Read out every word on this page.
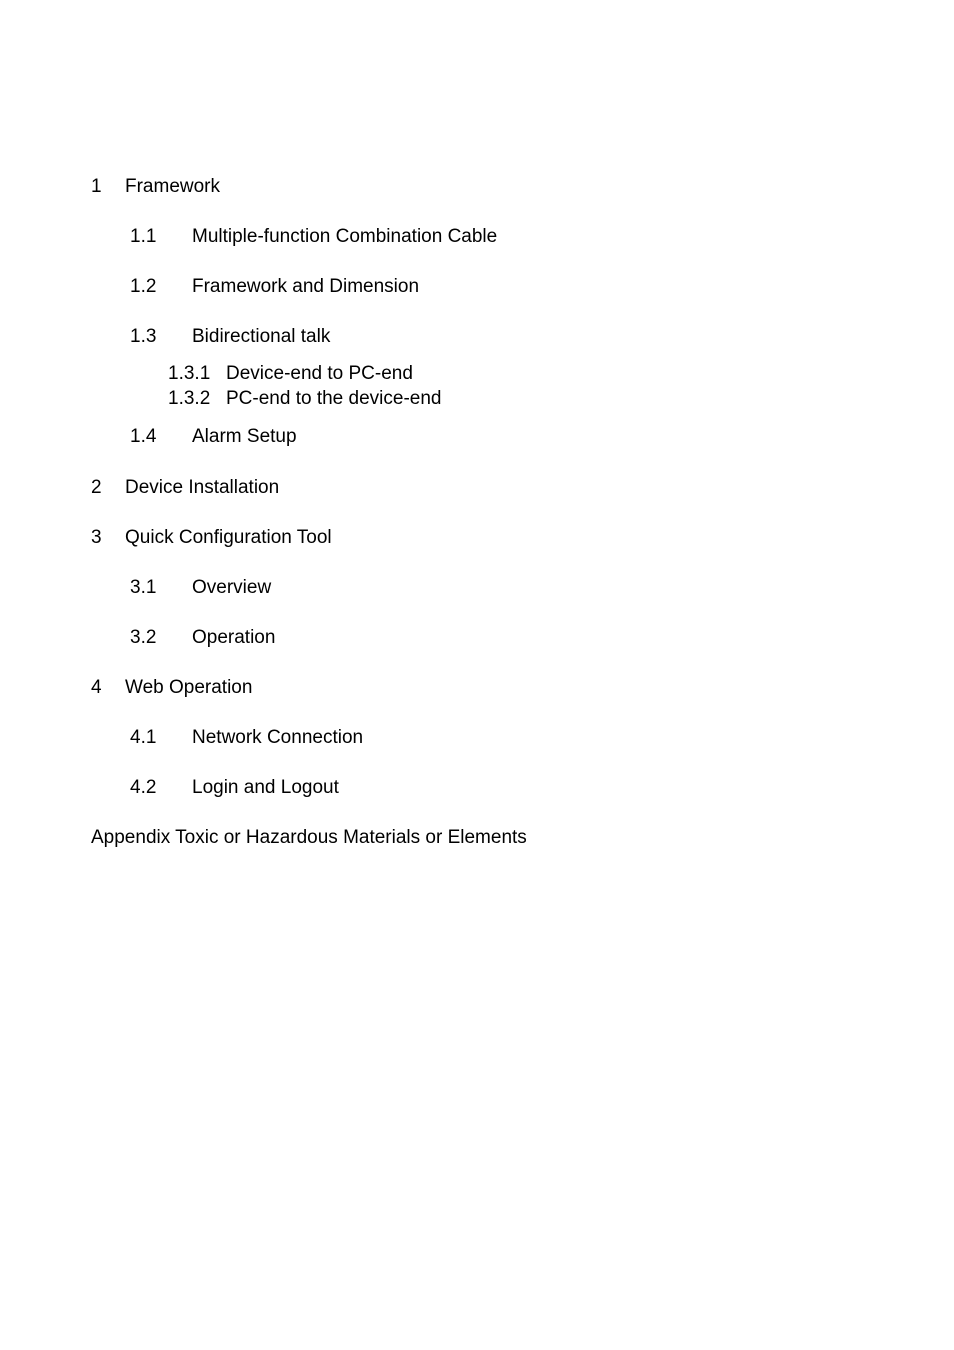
1 Framework
1.1 Multiple-function Combination Cable
1.2 Framework and Dimension
1.3 Bidirectional talk
1.3.1 Device-end to PC-end
1.3.2 PC-end to the device-end
1.4 Alarm Setup
2 Device Installation
3 Quick Configuration Tool
3.1 Overview
3.2 Operation
4 Web Operation
4.1 Network Connection
4.2 Login and Logout
Appendix Toxic or Hazardous Materials or Elements
